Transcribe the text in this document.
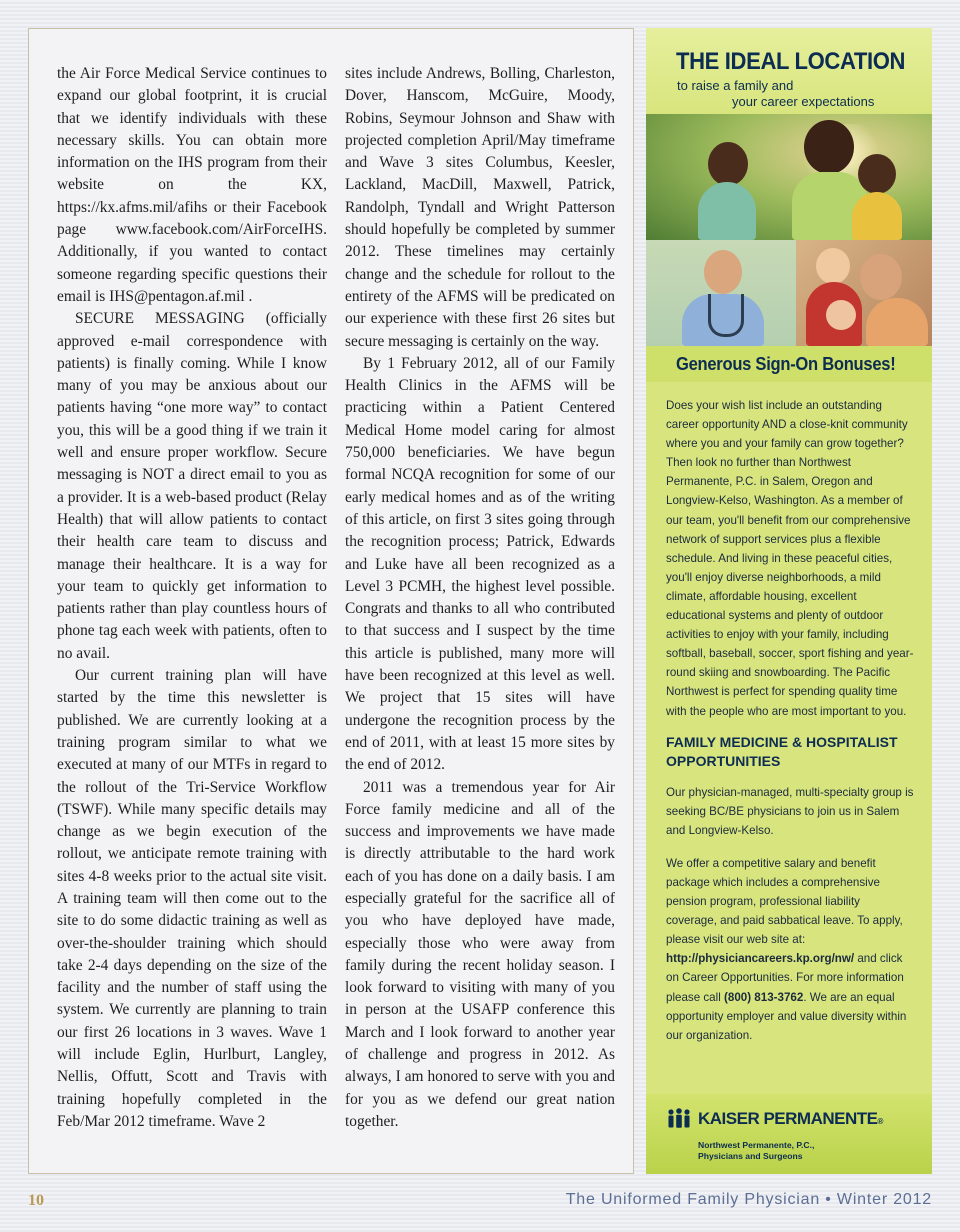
the Air Force Medical Service continues to expand our global footprint, it is crucial that we identify individuals with these necessary skills. You can obtain more information on the IHS program from their website on the KX, https://kx.afms.mil/afihs or their Facebook page www.facebook.com/AirForceIHS. Additionally, if you wanted to contact someone regarding specific questions their email is IHS@pentagon.af.mil .

SECURE MESSAGING (officially approved e-mail correspondence with patients) is finally coming. While I know many of you may be anxious about our patients having “one more way” to contact you, this will be a good thing if we train it well and ensure proper workflow. Secure messaging is NOT a direct email to you as a provider. It is a web-based product (Relay Health) that will allow patients to contact their health care team to discuss and manage their healthcare. It is a way for your team to quickly get information to patients rather than play countless hours of phone tag each week with patients, often to no avail.

Our current training plan will have started by the time this newsletter is published. We are currently looking at a training program similar to what we executed at many of our MTFs in regard to the rollout of the Tri-Service Workflow (TSWF). While many specific details may change as we begin execution of the rollout, we anticipate remote training with sites 4-8 weeks prior to the actual site visit. A training team will then come out to the site to do some didactic training as well as over-the-shoulder training which should take 2-4 days depending on the size of the facility and the number of staff using the system. We currently are planning to train our first 26 locations in 3 waves. Wave 1 will include Eglin, Hurlburt, Langley, Nellis, Offutt, Scott and Travis with training hopefully completed in the Feb/Mar 2012 timeframe. Wave 2

sites include Andrews, Bolling, Charleston, Dover, Hanscom, McGuire, Moody, Robins, Seymour Johnson and Shaw with projected completion April/May timeframe and Wave 3 sites Columbus, Keesler, Lackland, MacDill, Maxwell, Patrick, Randolph, Tyndall and Wright Patterson should hopefully be completed by summer 2012. These timelines may certainly change and the schedule for rollout to the entirety of the AFMS will be predicated on our experience with these first 26 sites but secure messaging is certainly on the way.

By 1 February 2012, all of our Family Health Clinics in the AFMS will be practicing within a Patient Centered Medical Home model caring for almost 750,000 beneficiaries. We have begun formal NCQA recognition for some of our early medical homes and as of the writing of this article, on first 3 sites going through the recognition process; Patrick, Edwards and Luke have all been recognized as a Level 3 PCMH, the highest level possible. Congrats and thanks to all who contributed to that success and I suspect by the time this article is published, many more will have been recognized at this level as well. We project that 15 sites will have undergone the recognition process by the end of 2011, with at least 15 more sites by the end of 2012.

2011 was a tremendous year for Air Force family medicine and all of the success and improvements we have made is directly attributable to the hard work each of you has done on a daily basis. I am especially grateful for the sacrifice all of you who have deployed have made, especially those who were away from family during the recent holiday season. I look forward to visiting with many of you in person at the USAFP conference this March and I look forward to another year of challenge and progress in 2012. As always, I am honored to serve with you and for you as we defend our great nation together.

THE IDEAL LOCATION
to raise a family and
your career expectations
Generous Sign-On Bonuses!

Does your wish list include an outstanding career opportunity AND a close-knit community where you and your family can grow together? Then look no further than Northwest Permanente, P.C. in Salem, Oregon and Longview-Kelso, Washington. As a member of our team, you'll benefit from our comprehensive network of support services plus a flexible schedule. And living in these peaceful cities, you'll enjoy diverse neighborhoods, a mild climate, affordable housing, excellent educational systems and plenty of outdoor activities to enjoy with your family, including softball, baseball, soccer, sport fishing and year-round skiing and snowboarding. The Pacific Northwest is perfect for spending quality time with the people who are most important to you.

FAMILY MEDICINE & HOSPITALIST OPPORTUNITIES

Our physician-managed, multi-specialty group is seeking BC/BE physicians to join us in Salem and Longview-Kelso.

We offer a competitive salary and benefit package which includes a comprehensive pension program, professional liability coverage, and paid sabbatical leave. To apply, please visit our web site at: http://physiciancareers.kp.org/nw/ and click on Career Opportunities. For more information please call (800) 813-3762. We are an equal opportunity employer and value diversity within our organization.

KAISER PERMANENTE®
Northwest Permanente, P.C.,
Physicians and Surgeons
10	The Uniformed Family Physician • Winter 2012
